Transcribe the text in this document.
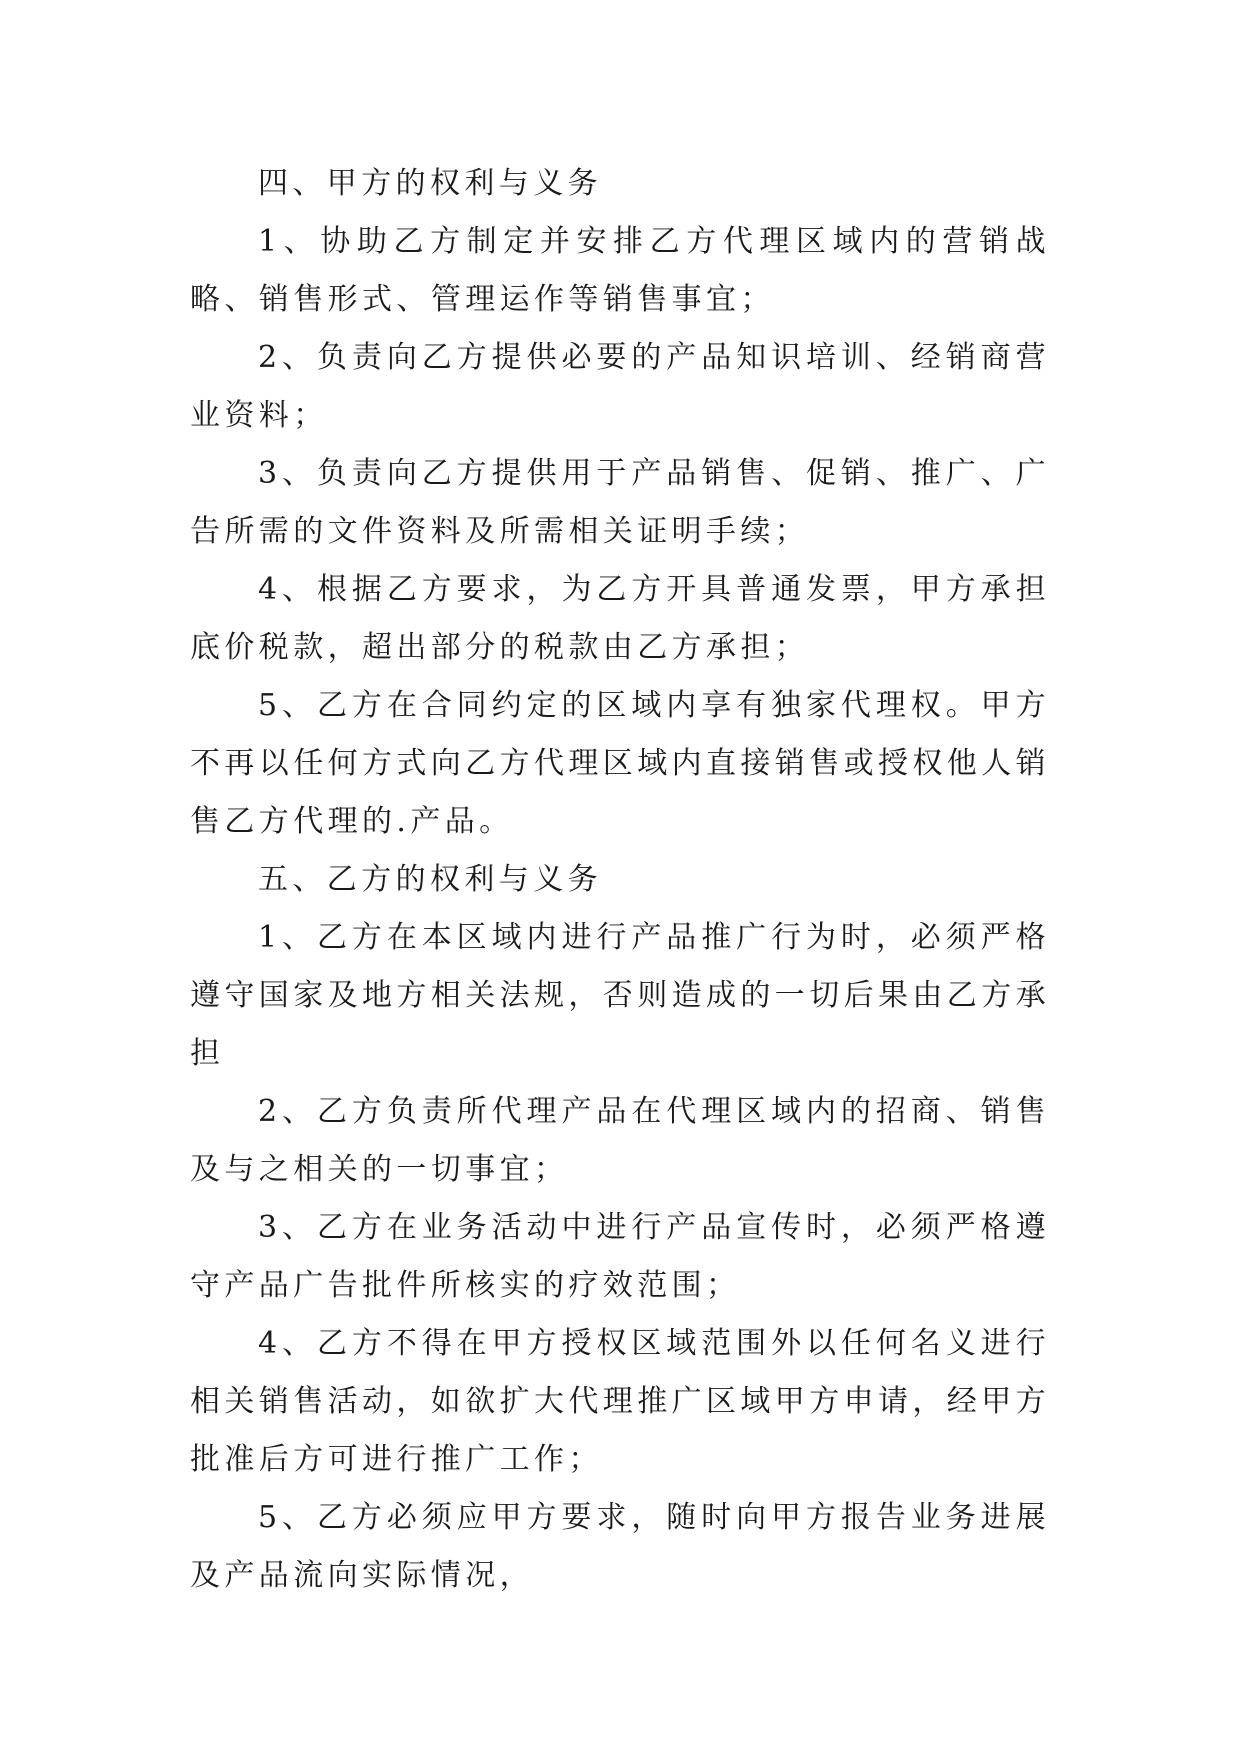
四、甲方的权利与义务

1、协助乙方制定并安排乙方代理区域内的营销战略、销售形式、管理运作等销售事宜；

2、负责向乙方提供必要的产品知识培训、经销商营业资料；

3、负责向乙方提供用于产品销售、促销、推广、广告所需的文件资料及所需相关证明手续；

4、根据乙方要求，为乙方开具普通发票，甲方承担底价税款，超出部分的税款由乙方承担；

5、乙方在合同约定的区域内享有独家代理权。甲方不再以任何方式向乙方代理区域内直接销售或授权他人销售乙方代理的.产品。

五、乙方的权利与义务

1、乙方在本区域内进行产品推广行为时，必须严格遵守国家及地方相关法规，否则造成的一切后果由乙方承担

2、乙方负责所代理产品在代理区域内的招商、销售及与之相关的一切事宜；

3、乙方在业务活动中进行产品宣传时，必须严格遵守产品广告批件所核实的疗效范围；

4、乙方不得在甲方授权区域范围外以任何名义进行相关销售活动，如欲扩大代理推广区域甲方申请，经甲方批准后方可进行推广工作；

5、乙方必须应甲方要求，随时向甲方报告业务进展及产品流向实际情况，
